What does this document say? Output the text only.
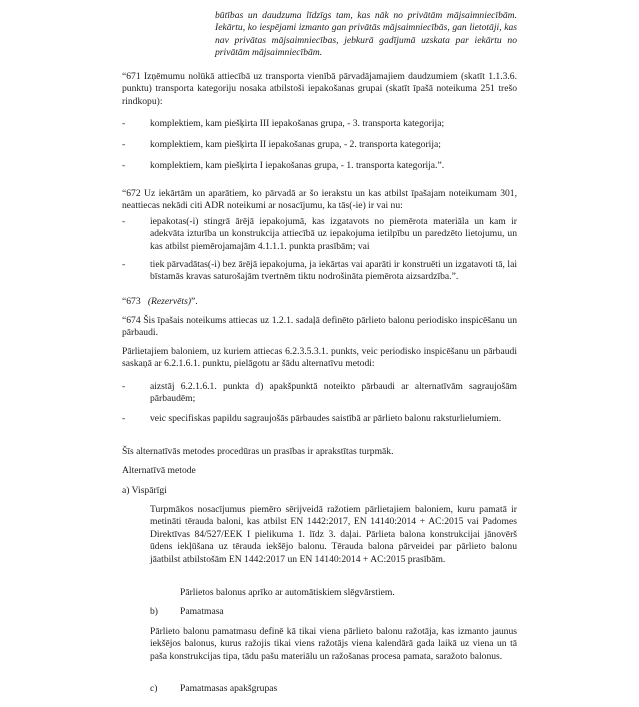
būtības un daudzuma līdzīgs tam, kas nāk no privātām mājsaimniecībām. Iekārtu, ko iespējami izmanto gan privātās mājsaimniecībās, gan lietotāji, kas nav privātas mājsaimniecības, jebkurā gadījumā uzskata par iekārtu no privātām mājsaimniecībām.

“671 Izņēmumu nolūkā attiecībā uz transporta vienībā pārvadājamajiem daudzumiem (skatīt 1.1.3.6. punktu) transporta kategoriju nosaka atbilstoši iepakošanas grupai (skatīt īpašā noteikuma 251 trešo rindkopu):

-	komplektiem, kam piešķirta III iepakošanas grupa, - 3. transporta kategorija;

-	komplektiem, kam piešķirta II iepakošanas grupa, - 2. transporta kategorija;

-	komplektiem, kam piešķirta I iepakošanas grupa, - 1. transporta kategorija.”.

“672 Uz iekārtām un aparātiem, ko pārvadā ar šo ierakstu un kas atbilst īpašajam noteikumam 301, neattiecas nekādi citi ADR noteikumi ar nosacījumu, ka tās(-ie) ir vai nu:

-	iepakotas(-i) stingrā ārējā iepakojumā, kas izgatavots no piemērota materiāla un kam ir adekvāta izturība un konstrukcija attiecībā uz iepakojuma ietilpību un paredzēto lietojumu, un kas atbilst piemērojamajām 4.1.1.1. punkta prasībām; vai

-	tiek pārvadātas(-i) bez ārējā iepakojuma, ja iekārtas vai aparāti ir konstruēti un izgatavoti tā, lai bīstamās kravas saturošajām tvertnēm tiktu nodrošināta piemērota aizsardzība.”.

“673 (Rezervēts)”.

“674 Šis īpašais noteikums attiecas uz 1.2.1. sadaļā definēto pārlieto balonu periodisko inspicēšanu un pārbaudi.

Pārlietajiem baloniem, uz kuriem attiecas 6.2.3.5.3.1. punkts, veic periodisko inspicēšanu un pārbaudi saskaņā ar 6.2.1.6.1. punktu, pielāgotu ar šādu alternatīvu metodi:

-	aizstāj 6.2.1.6.1. punkta d) apakšpunktā noteikto pārbaudi ar alternatīvām sagraujošām pārbaudēm;

-	veic specifiskas papildu sagraujošās pārbaudes saistībā ar pārlieto balonu raksturlielumiem.

Šīs alternatīvās metodes procedūras un prasības ir aprakstītas turpmāk.

Alternatīvā metode

a) Vispārīgi

Turpmākos nosacījumus piemēro sērijveidā ražotiem pārlietajiem baloniem, kuru pamatā ir metināti tērauda baloni, kas atbilst EN 1442:2017, EN 14140:2014 + AC:2015 vai Padomes Direktīvas 84/527/EEK I pielikuma 1. līdz 3. daļai. Pārlieta balona konstrukcijai jānovērš ūdens iekļūšana uz tērauda iekšējo balonu. Tērauda balona pārveidei par pārlieto balonu jāatbilst atbilstošām EN 1442:2017 un EN 14140:2014 + AC:2015 prasībām.

Pārlietos balonus aprīko ar automātiskiem slēgvārstiem.

b) Pamatmasa

Pārlieto balonu pamatmasu definē kā tikai viena pārlieto balonu ražotāja, kas izmanto jaunus iekšējos balonus, kurus ražojis tikai viens ražotājs viena kalendārā gada laikā uz viena un tā paša konstrukcijas tipa, tādu pašu materiālu un ražošanas procesa pamata, saražoto balonus.

c) Pamatmasas apakšgrupas
